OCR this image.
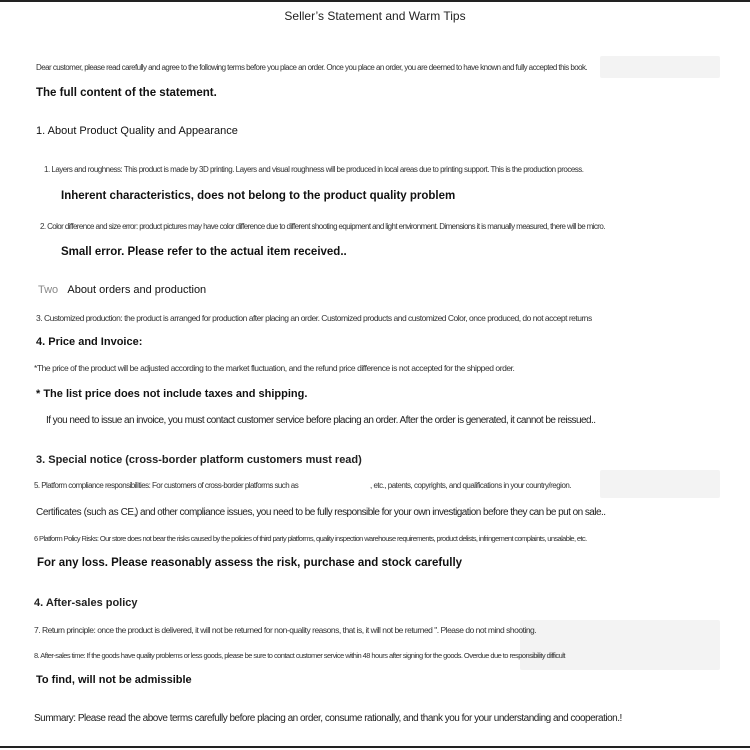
Seller’s Statement and Warm Tips

Dear customer, please read carefully and agree to the following terms before you place an order. Once you place an order, you are deemed to have known and fully accepted this book.

The full content of the statement.

1. About Product Quality and Appearance

1. Layers and roughness: This product is made by 3D printing. Layers and visual roughness will be produced in local areas due to printing support. This is the production process.

Inherent characteristics, does not belong to the product quality problem

2. Color difference and size error: product pictures may have color difference due to different shooting equipment and light environment. Dimensions it is manually measured, there will be micro.

Small error. Please refer to the actual item received..

Two About orders and production

3. Customized production: the product is arranged for production after placing an order. Customized products and customized Color, once produced, do not accept returns

4. Price and Invoice:

*The price of the product will be adjusted according to the market fluctuation, and the refund price difference is not accepted for the shipped order.

* The list price does not include taxes and shipping.

If you need to issue an invoice, you must contact customer service before placing an order. After the order is generated, it cannot be reissued..

3. Special notice (cross-border platform customers must read)

5. Platform compliance responsibilities: For customers of cross-border platforms such as	, etc., patents, copyrights, and qualifications in your country/region.

Certificates (such as CE,

) and other compliance issues, you need to be fully responsible for your own investigation before they can be put on sale..

6 Platform Policy Risks: Our store does not bear the risks caused by the policies of third party platforms, quality inspection warehouse requirements, product delists, infringement complaints, unsalable, etc.

For any loss. Please reasonably assess the risk, purchase and stock carefully

4. After-sales policy

7. Return principle: once the product is delivered, it will not be returned for non-quality reasons, that is, it will not be returned ". Please do not mind shooting.

8. After-sales time: If the goods have quality problems or less goods, please be sure to contact customer service within 48 hours after signing for the goods. Overdue due to responsibility difficult

To find, will not be admissible

Summary: Please read the above terms carefully before placing an order, consume rationally, and thank you for your understanding and cooperation.!
